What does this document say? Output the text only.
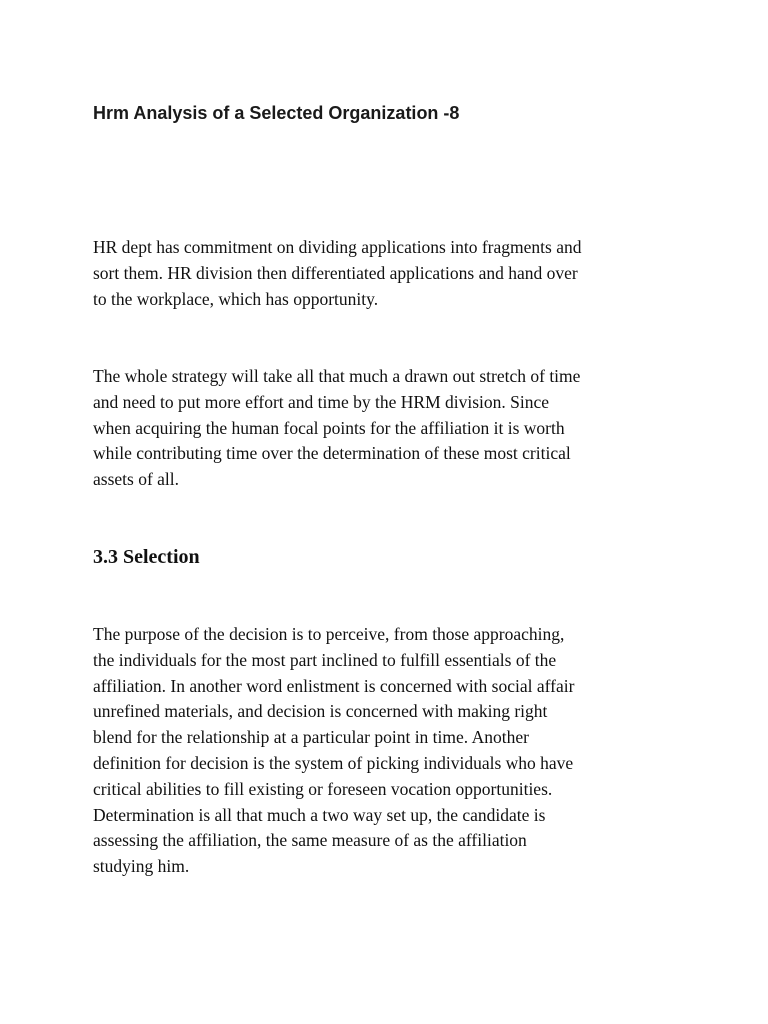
Hrm Analysis of a Selected Organization -8

HR dept has commitment on dividing applications into fragments and
sort them. HR division then differentiated applications and hand over
to the workplace, which has opportunity.

The whole strategy will take all that much a drawn out stretch of time
and need to put more effort and time by the HRM division. Since
when acquiring the human focal points for the affiliation it is worth
while contributing time over the determination of these most critical
assets of all.

3.3 Selection

The purpose of the decision is to perceive, from those approaching,
the individuals for the most part inclined to fulfill essentials of the
affiliation. In another word enlistment is concerned with social affair
unrefined materials, and decision is concerned with making right
blend for the relationship at a particular point in time. Another
definition for decision is the system of picking individuals who have
critical abilities to fill existing or foreseen vocation opportunities.
Determination is all that much a two way set up, the candidate is
assessing the affiliation, the same measure of as the affiliation
studying him.
